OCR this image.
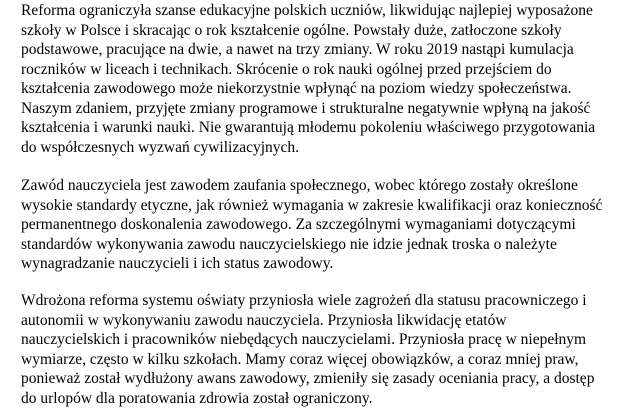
Reforma ograniczyła szanse edukacyjne polskich uczniów, likwidując najlepiej wyposażone
szkoły w Polsce i skracając o rok kształcenie ogólne. Powstały duże, zatłoczone szkoły
podstawowe, pracujące na dwie, a nawet na trzy zmiany. W roku 2019 nastąpi kumulacja
roczników w liceach i technikach. Skrócenie o rok nauki ogólnej przed przejściem do
kształcenia zawodowego może niekorzystnie wpłynąć na poziom wiedzy społeczeństwa.
Naszym zdaniem, przyjęte zmiany programowe i strukturalne negatywnie wpłyną na jakość
kształcenia i warunki nauki. Nie gwarantują młodemu pokoleniu właściwego przygotowania
do współczesnych wyzwań cywilizacyjnych.

Zawód nauczyciela jest zawodem zaufania społecznego, wobec którego zostały określone
wysokie standardy etyczne, jak również wymagania w zakresie kwalifikacji oraz konieczność
permanentnego doskonalenia zawodowego. Za szczególnymi wymaganiami dotyczącymi
standardów wykonywania zawodu nauczycielskiego nie idzie jednak troska o należyte
wynagradzanie nauczycieli i ich status zawodowy.

Wdrożona reforma systemu oświaty przyniosła wiele zagrożeń dla statusu pracowniczego i
autonomii w wykonywaniu zawodu nauczyciela. Przyniosła likwidację etatów
nauczycielskich i pracowników niebędących nauczycielami. Przyniosła pracę w niepełnym
wymiarze, często w kilku szkołach. Mamy coraz więcej obowiązków, a coraz mniej praw,
ponieważ został wydłużony awans zawodowy, zmieniły się zasady oceniania pracy, a dostęp
do urlopów dla poratowania zdrowia został ograniczony.
